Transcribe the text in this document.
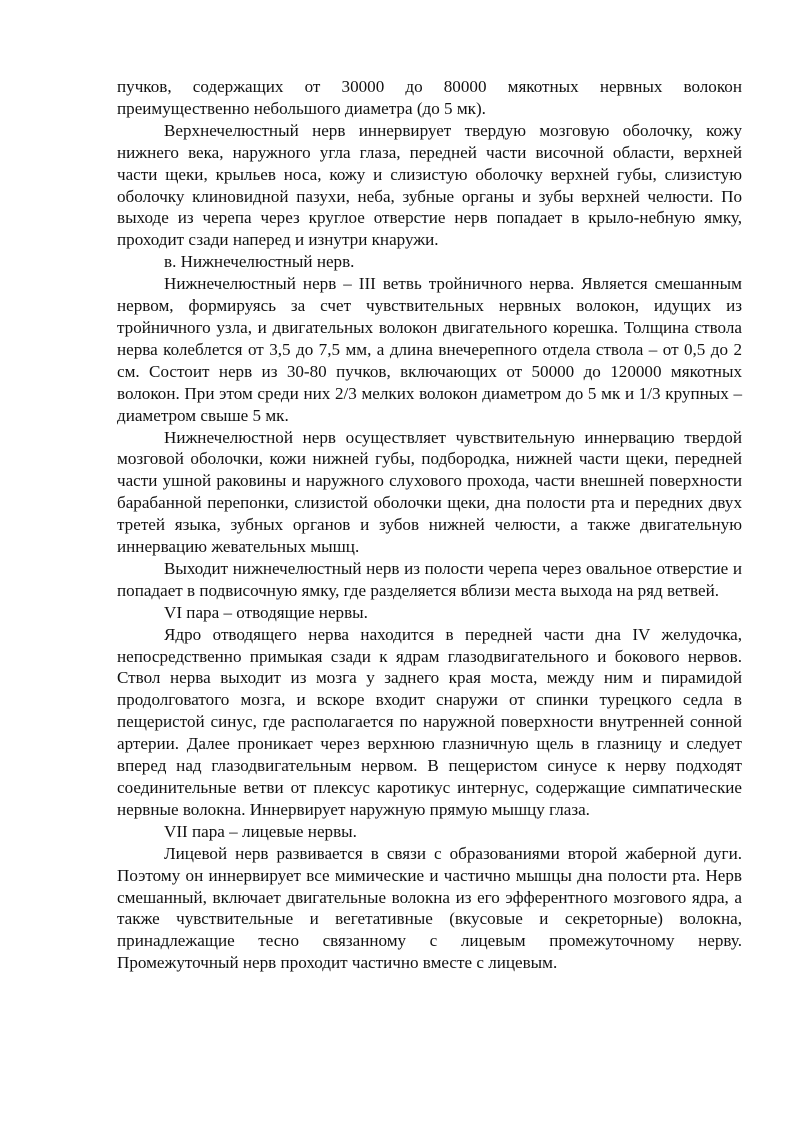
пучков, содержащих от 30000 до 80000 мякотных нервных волокон преимущественно небольшого диаметра (до 5 мк).

Верхнечелюстный нерв иннервирует твердую мозговую оболочку, кожу нижнего века, наружного угла глаза, передней части височной области, верхней части щеки, крыльев носа, кожу и слизистую оболочку верхней губы, слизистую оболочку клиновидной пазухи, неба, зубные органы и зубы верхней челюсти. По выходе из черепа через круглое отверстие нерв попадает в крыло-небную ямку, проходит сзади наперед и изнутри кнаружи.

в. Нижнечелюстный нерв.

Нижнечелюстный нерв – III ветвь тройничного нерва. Является смешанным нервом, формируясь за счет чувствительных нервных волокон, идущих из тройничного узла, и двигательных волокон двигательного корешка. Толщина ствола нерва колеблется от 3,5 до 7,5 мм, а длина внечерепного отдела ствола – от 0,5 до 2 см. Состоит нерв из 30-80 пучков, включающих от 50000 до 120000 мякотных волокон. При этом среди них 2/3 мелких волокон диаметром до 5 мк и 1/3 крупных – диаметром свыше 5 мк.

Нижнечелюстной нерв осуществляет чувствительную иннервацию твердой мозговой оболочки, кожи нижней губы, подбородка, нижней части щеки, передней части ушной раковины и наружного слухового прохода, части внешней поверхности барабанной перепонки, слизистой оболочки щеки, дна полости рта и передних двух третей языка, зубных органов и зубов нижней челюсти, а также двигательную иннервацию жевательных мышц.

Выходит нижнечелюстный нерв из полости черепа через овальное отверстие и попадает в подвисочную ямку, где разделяется вблизи места выхода на ряд ветвей.

VI пара – отводящие нервы.

Ядро отводящего нерва находится в передней части дна IV желудочка, непосредственно примыкая сзади к ядрам глазодвигательного и бокового нервов. Ствол нерва выходит из мозга у заднего края моста, между ним и пирамидой продолговатого мозга, и вскоре входит снаружи от спинки турецкого седла в пещеристой синус, где располагается по наружной поверхности внутренней сонной артерии. Далее проникает через верхнюю глазничную щель в глазницу и следует вперед над глазодвигательным нервом. В пещеристом синусе к нерву подходят соединительные ветви от плексус каротикус интернус, содержащие симпатические нервные волокна. Иннервирует наружную прямую мышцу глаза.

VII пара – лицевые нервы.

Лицевой нерв развивается в связи с образованиями второй жаберной дуги. Поэтому он иннервирует все мимические и частично мышцы дна полости рта. Нерв смешанный, включает двигательные волокна из его эфферентного мозгового ядра, а также чувствительные и вегетативные (вкусовые и секреторные) волокна, принадлежащие тесно связанному с лицевым промежуточному нерву. Промежуточный нерв проходит частично вместе с лицевым.
